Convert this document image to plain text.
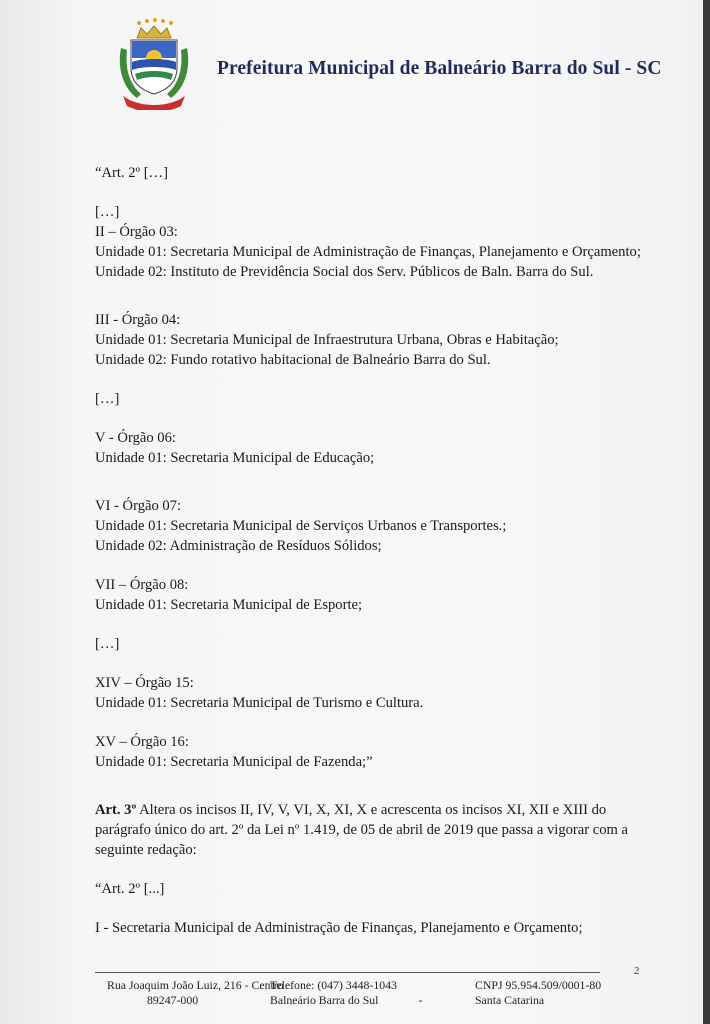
Prefeitura Municipal de Balneário Barra do Sul - SC

“Art. 2º […]

[…]

II – Órgão 03:

Unidade 01: Secretaria Municipal de Administração de Finanças, Planejamento e Orçamento;

Unidade 02: Instituto de Previdência Social dos Serv. Públicos de Baln. Barra do Sul.

III - Órgão 04:

Unidade 01: Secretaria Municipal de Infraestrutura Urbana, Obras e Habitação;

Unidade 02: Fundo rotativo habitacional de Balneário Barra do Sul.

[…]

V - Órgão 06:

Unidade 01: Secretaria Municipal de Educação;

VI - Órgão 07:

Unidade 01: Secretaria Municipal de Serviços Urbanos e Transportes.;

Unidade 02: Administração de Resíduos Sólidos;

VII – Órgão 08:

Unidade 01: Secretaria Municipal de Esporte;

[…]

XIV – Órgão 15:

Unidade 01: Secretaria Municipal de Turismo e Cultura.

XV – Órgão 16:

Unidade 01: Secretaria Municipal de Fazenda;”

Art. 3º Altera os incisos II, IV, V, VI, X, XI, X e acrescenta os incisos XI, XII e XIII do parágrafo único do art. 2º da Lei nº 1.419, de 05 de abril de 2019 que passa a vigorar com a seguinte redação:

“Art. 2º [...]

I - Secretaria Municipal de Administração de Finanças, Planejamento e Orçamento;

2
Rua Joaquim João Luiz, 216 - Centro
89247-000
Telefone: (047) 3448-1043
Balneário Barra do Sul	-
CNPJ 95.954.509/0001-80
Santa Catarina
